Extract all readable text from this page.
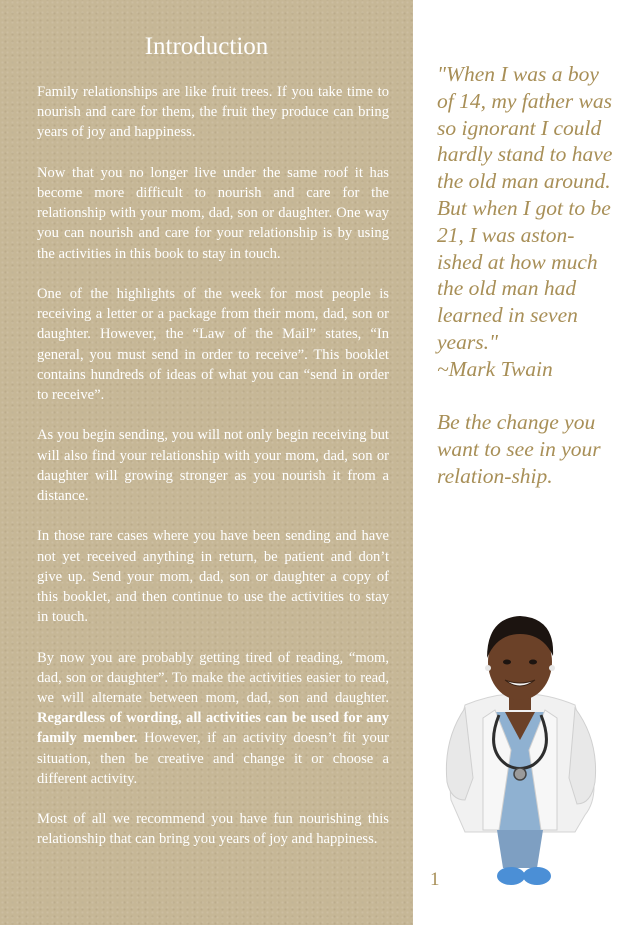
Introduction

Family relationships are like fruit trees. If you take time to nourish and care for them, the fruit they produce can bring years of joy and happiness.

Now that you no longer live under the same roof it has become more difficult to nourish and care for the relationship with your mom, dad, son or daughter. One way you can nourish and care for your relationship is by using the activities in this book to stay in touch.

One of the highlights of the week for most people is receiving a letter or a package from their mom, dad, son or daughter. However, the “Law of the Mail” states, “In general, you must send in order to receive”. This booklet contains hundreds of ideas of what you can “send in order to receive”.

As you begin sending, you will not only begin receiving but will also find your relationship with your mom, dad, son or daughter will growing stronger as you nourish it from a distance.

In those rare cases where you have been sending and have not yet received anything in return, be patient and don’t give up. Send your mom, dad, son or daughter a copy of this booklet, and then continue to use the activities to stay in touch.

By now you are probably getting tired of reading, “mom, dad, son or daughter”. To make the activities easier to read, we will alternate between mom, dad, son and daughter. Regardless of wording, all activities can be used for any family member. However, if an activity doesn’t fit your situation, then be creative and change it or choose a different activity.

Most of all we recommend you have fun nourishing this relationship that can bring you years of joy and happiness.

"When I was a boy of 14, my father was so ignorant I could hardly stand to have the old man around. But when I got to be 21, I was aston-ished at how much the old man had learned in seven years."

~Mark Twain

Be the change you want to see in your relation-ship.

1
